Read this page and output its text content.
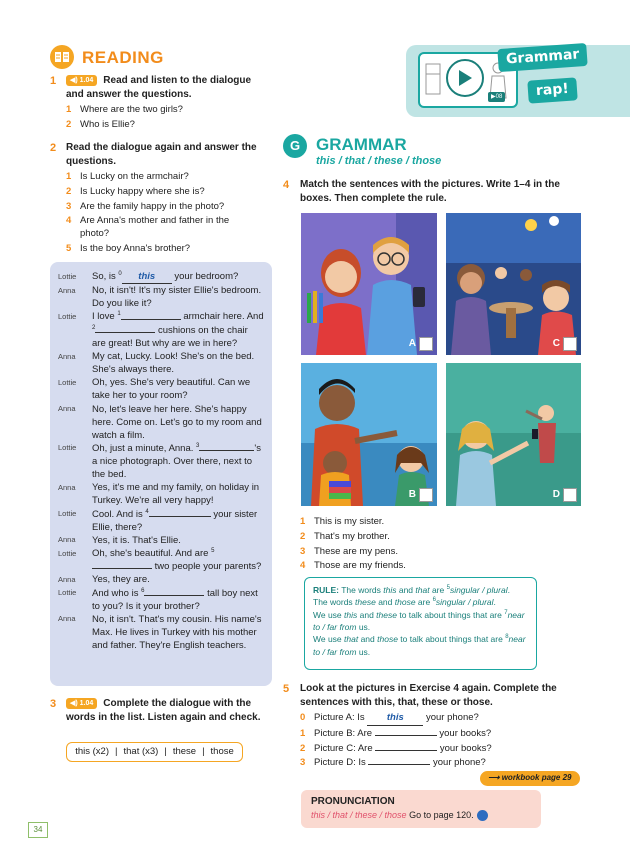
READING
1	◀) 1.04 Read and listen to the dialogue and answer the questions.
1 Where are the two girls?
2 Who is Ellie?
2 Read the dialogue again and answer the questions.
1 Is Lucky on the armchair?
2 Is Lucky happy where she is?
3 Are the family happy in the photo?
4 Are Anna's mother and father in the photo?
5 Is the boy Anna's brother?
Lottie	So, is $^0$ this your bedroom?
Anna	No, it isn't! It's my sister Ellie's bedroom. Do you like it?
Lottie	I love $^1$	armchair here. And $^2$	cushions on the chair are great! But why are we in here?
Anna	My cat, Lucky. Look! She's on the bed. She's always there.
Lottie	Oh, yes. She's very beautiful. Can we take her to your room?
Anna	No, let's leave her here. She's happy here. Come on. Let's go to my room and watch a film.
Lottie	Oh, just a minute, Anna. $^3$	's a nice photograph. Over there, next to the bed.
Anna	Yes, it's me and my family, on holiday in Turkey. We're all very happy!
Lottie	Cool. And is $^4$	your sister Ellie, there?
Anna	Yes, it is. That's Ellie.
Lottie	Oh, she's beautiful. And are $^5$ two people your parents?
Anna	Yes, they are.
Lottie	And who is $^6$	tall boy next to you? Is it your brother?
Anna	No, it isn't. That's my cousin. His name's Max. He lives in Turkey with his mother and father. They're English teachers.
3	◀) 1.04 Complete the dialogue with the words in the list. Listen again and check.
this (x2) | that (x3) | these | those
34
▶08
Grammar
rap!
G GRAMMAR
this / that / these / those
4 Match the sentences with the pictures. Write 1–4 in the boxes. Then complete the rule.
A	C
B	D
1 This is my sister.
2 That's my brother.
3 These are my pens.
4 Those are my friends.
RULE: The words this and that are $^5$singular / plural.
The words these and those are $^6$singular / plural.
We use this and these to talk about things that are $^7$near to / far from us.
We use that and those to talk about things that are $^8$near to / far from us.
5 Look at the pictures in Exercise 4 again. Complete the sentences with this, that, these or those.
0 Picture A: Is this your phone?
1 Picture B: Are	your books?
2 Picture C: Are	your books?
3 Picture D: Is	your phone?
⟶ workbook page 29
PRONUNCIATION
this / that / these / those Go to page 120.
